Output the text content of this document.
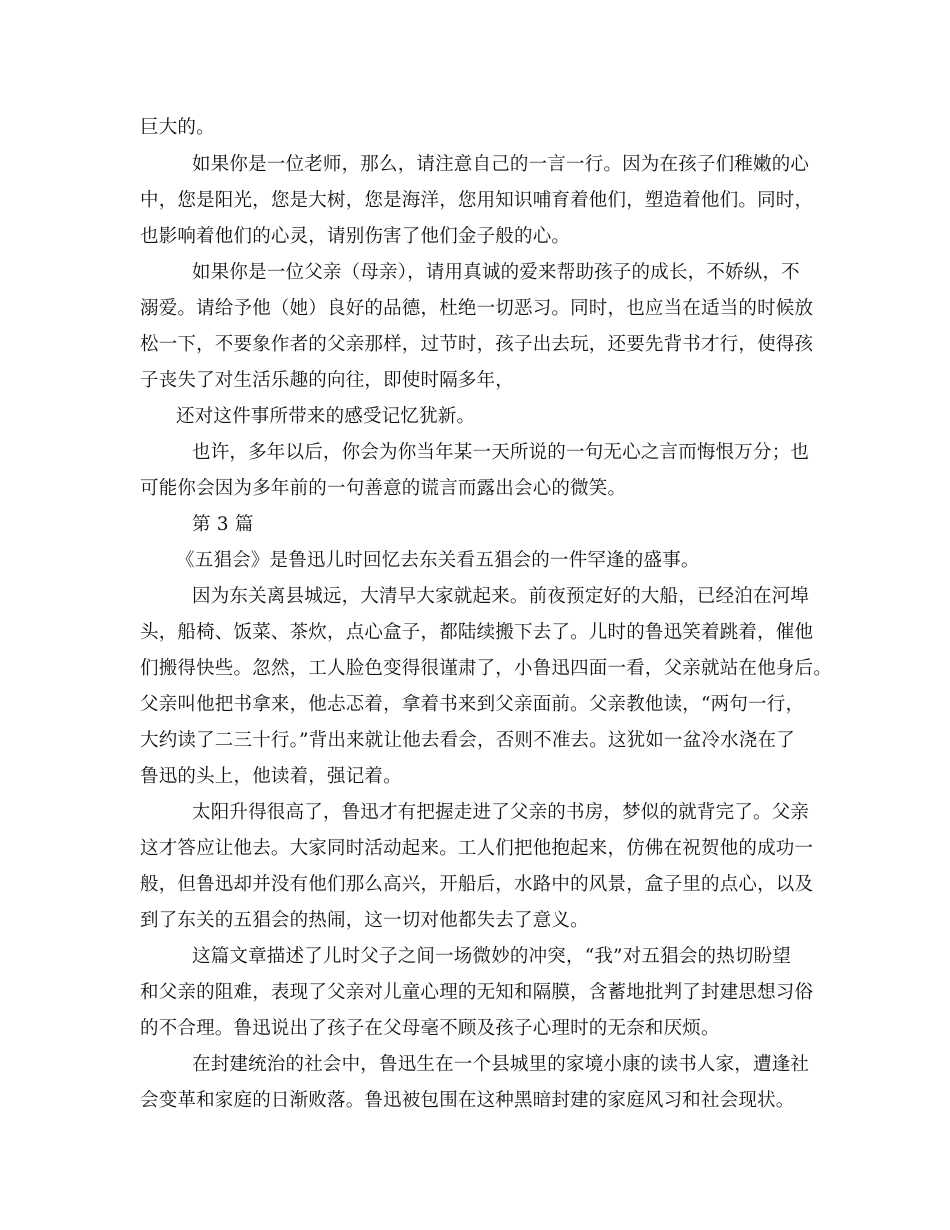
巨大的。
如果你是一位老师，那么，请注意自己的一言一行。因为在孩子们稚嫩的心
中，您是阳光，您是大树，您是海洋，您用知识哺育着他们，塑造着他们。同时，
也影响着他们的心灵，请别伤害了他们金子般的心。
如果你是一位父亲（母亲），请用真诚的爱来帮助孩子的成长，不娇纵，不
溺爱。请给予他（她）良好的品德，杜绝一切恶习。同时，也应当在适当的时候放
松一下，不要象作者的父亲那样，过节时，孩子出去玩，还要先背书才行，使得孩
子丧失了对生活乐趣的向往，即使时隔多年，
还对这件事所带来的感受记忆犹新。
也许，多年以后，你会为你当年某一天所说的一句无心之言而悔恨万分；也
可能你会因为多年前的一句善意的谎言而露出会心的微笑。
第 3 篇
《五猖会》是鲁迅儿时回忆去东关看五猖会的一件罕逢的盛事。
因为东关离县城远，大清早大家就起来。前夜预定好的大船，已经泊在河埠
头，船椅、饭菜、茶炊，点心盒子，都陆续搬下去了。儿时的鲁迅笑着跳着，催他
们搬得快些。忽然，工人脸色变得很谨肃了，小鲁迅四面一看，父亲就站在他身后。
父亲叫他把书拿来，他忐忑着，拿着书来到父亲面前。父亲教他读，“两句一行，
大约读了二三十行。”背出来就让他去看会，否则不准去。这犹如一盆冷水浇在了
鲁迅的头上，他读着，强记着。
太阳升得很高了，鲁迅才有把握走进了父亲的书房，梦似的就背完了。父亲
这才答应让他去。大家同时活动起来。工人们把他抱起来，仿佛在祝贺他的成功一
般，但鲁迅却并没有他们那么高兴，开船后，水路中的风景，盒子里的点心，以及
到了东关的五猖会的热闹，这一切对他都失去了意义。
这篇文章描述了儿时父子之间一场微妙的冲突，“我”对五猖会的热切盼望
和父亲的阻难，表现了父亲对儿童心理的无知和隔膜，含蓄地批判了封建思想习俗
的不合理。鲁迅说出了孩子在父母毫不顾及孩子心理时的无奈和厌烦。
在封建统治的社会中，鲁迅生在一个县城里的家境小康的读书人家，遭逢社
会变革和家庭的日渐败落。鲁迅被包围在这种黑暗封建的家庭风习和社会现状。
